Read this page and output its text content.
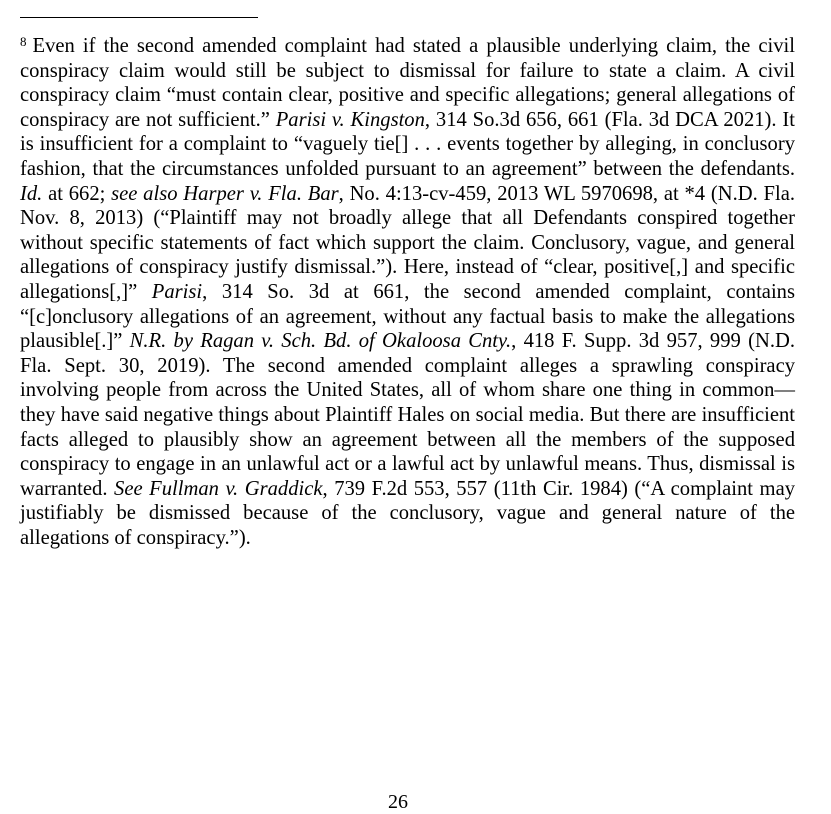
$^8$ Even if the second amended complaint had stated a plausible underlying claim, the civil conspiracy claim would still be subject to dismissal for failure to state a claim. A civil conspiracy claim “must contain clear, positive and specific allegations; general allegations of conspiracy are not sufficient.” Parisi v. Kingston, 314 So.3d 656, 661 (Fla. 3d DCA 2021). It is insufficient for a complaint to “vaguely tie[] . . . events together by alleging, in conclusory fashion, that the circumstances unfolded pursuant to an agreement” between the defendants. Id. at 662; see also Harper v. Fla. Bar, No. 4:13-cv-459, 2013 WL 5970698, at *4 (N.D. Fla. Nov. 8, 2013) (“Plaintiff may not broadly allege that all Defendants conspired together without specific statements of fact which support the claim. Conclusory, vague, and general allegations of conspiracy justify dismissal.”). Here, instead of “clear, positive[,] and specific allegations[,]” Parisi, 314 So. 3d at 661, the second amended complaint, contains “[c]onclusory allegations of an agreement, without any factual basis to make the allegations plausible[.]” N.R. by Ragan v. Sch. Bd. of Okaloosa Cnty., 418 F. Supp. 3d 957, 999 (N.D. Fla. Sept. 30, 2019). The second amended complaint alleges a sprawling conspiracy involving people from across the United States, all of whom share one thing in common—they have said negative things about Plaintiff Hales on social media. But there are insufficient facts alleged to plausibly show an agreement between all the members of the supposed conspiracy to engage in an unlawful act or a lawful act by unlawful means. Thus, dismissal is warranted. See Fullman v. Graddick, 739 F.2d 553, 557 (11th Cir. 1984) (“A complaint may justifiably be dismissed because of the conclusory, vague and general nature of the allegations of conspiracy.”).

26
